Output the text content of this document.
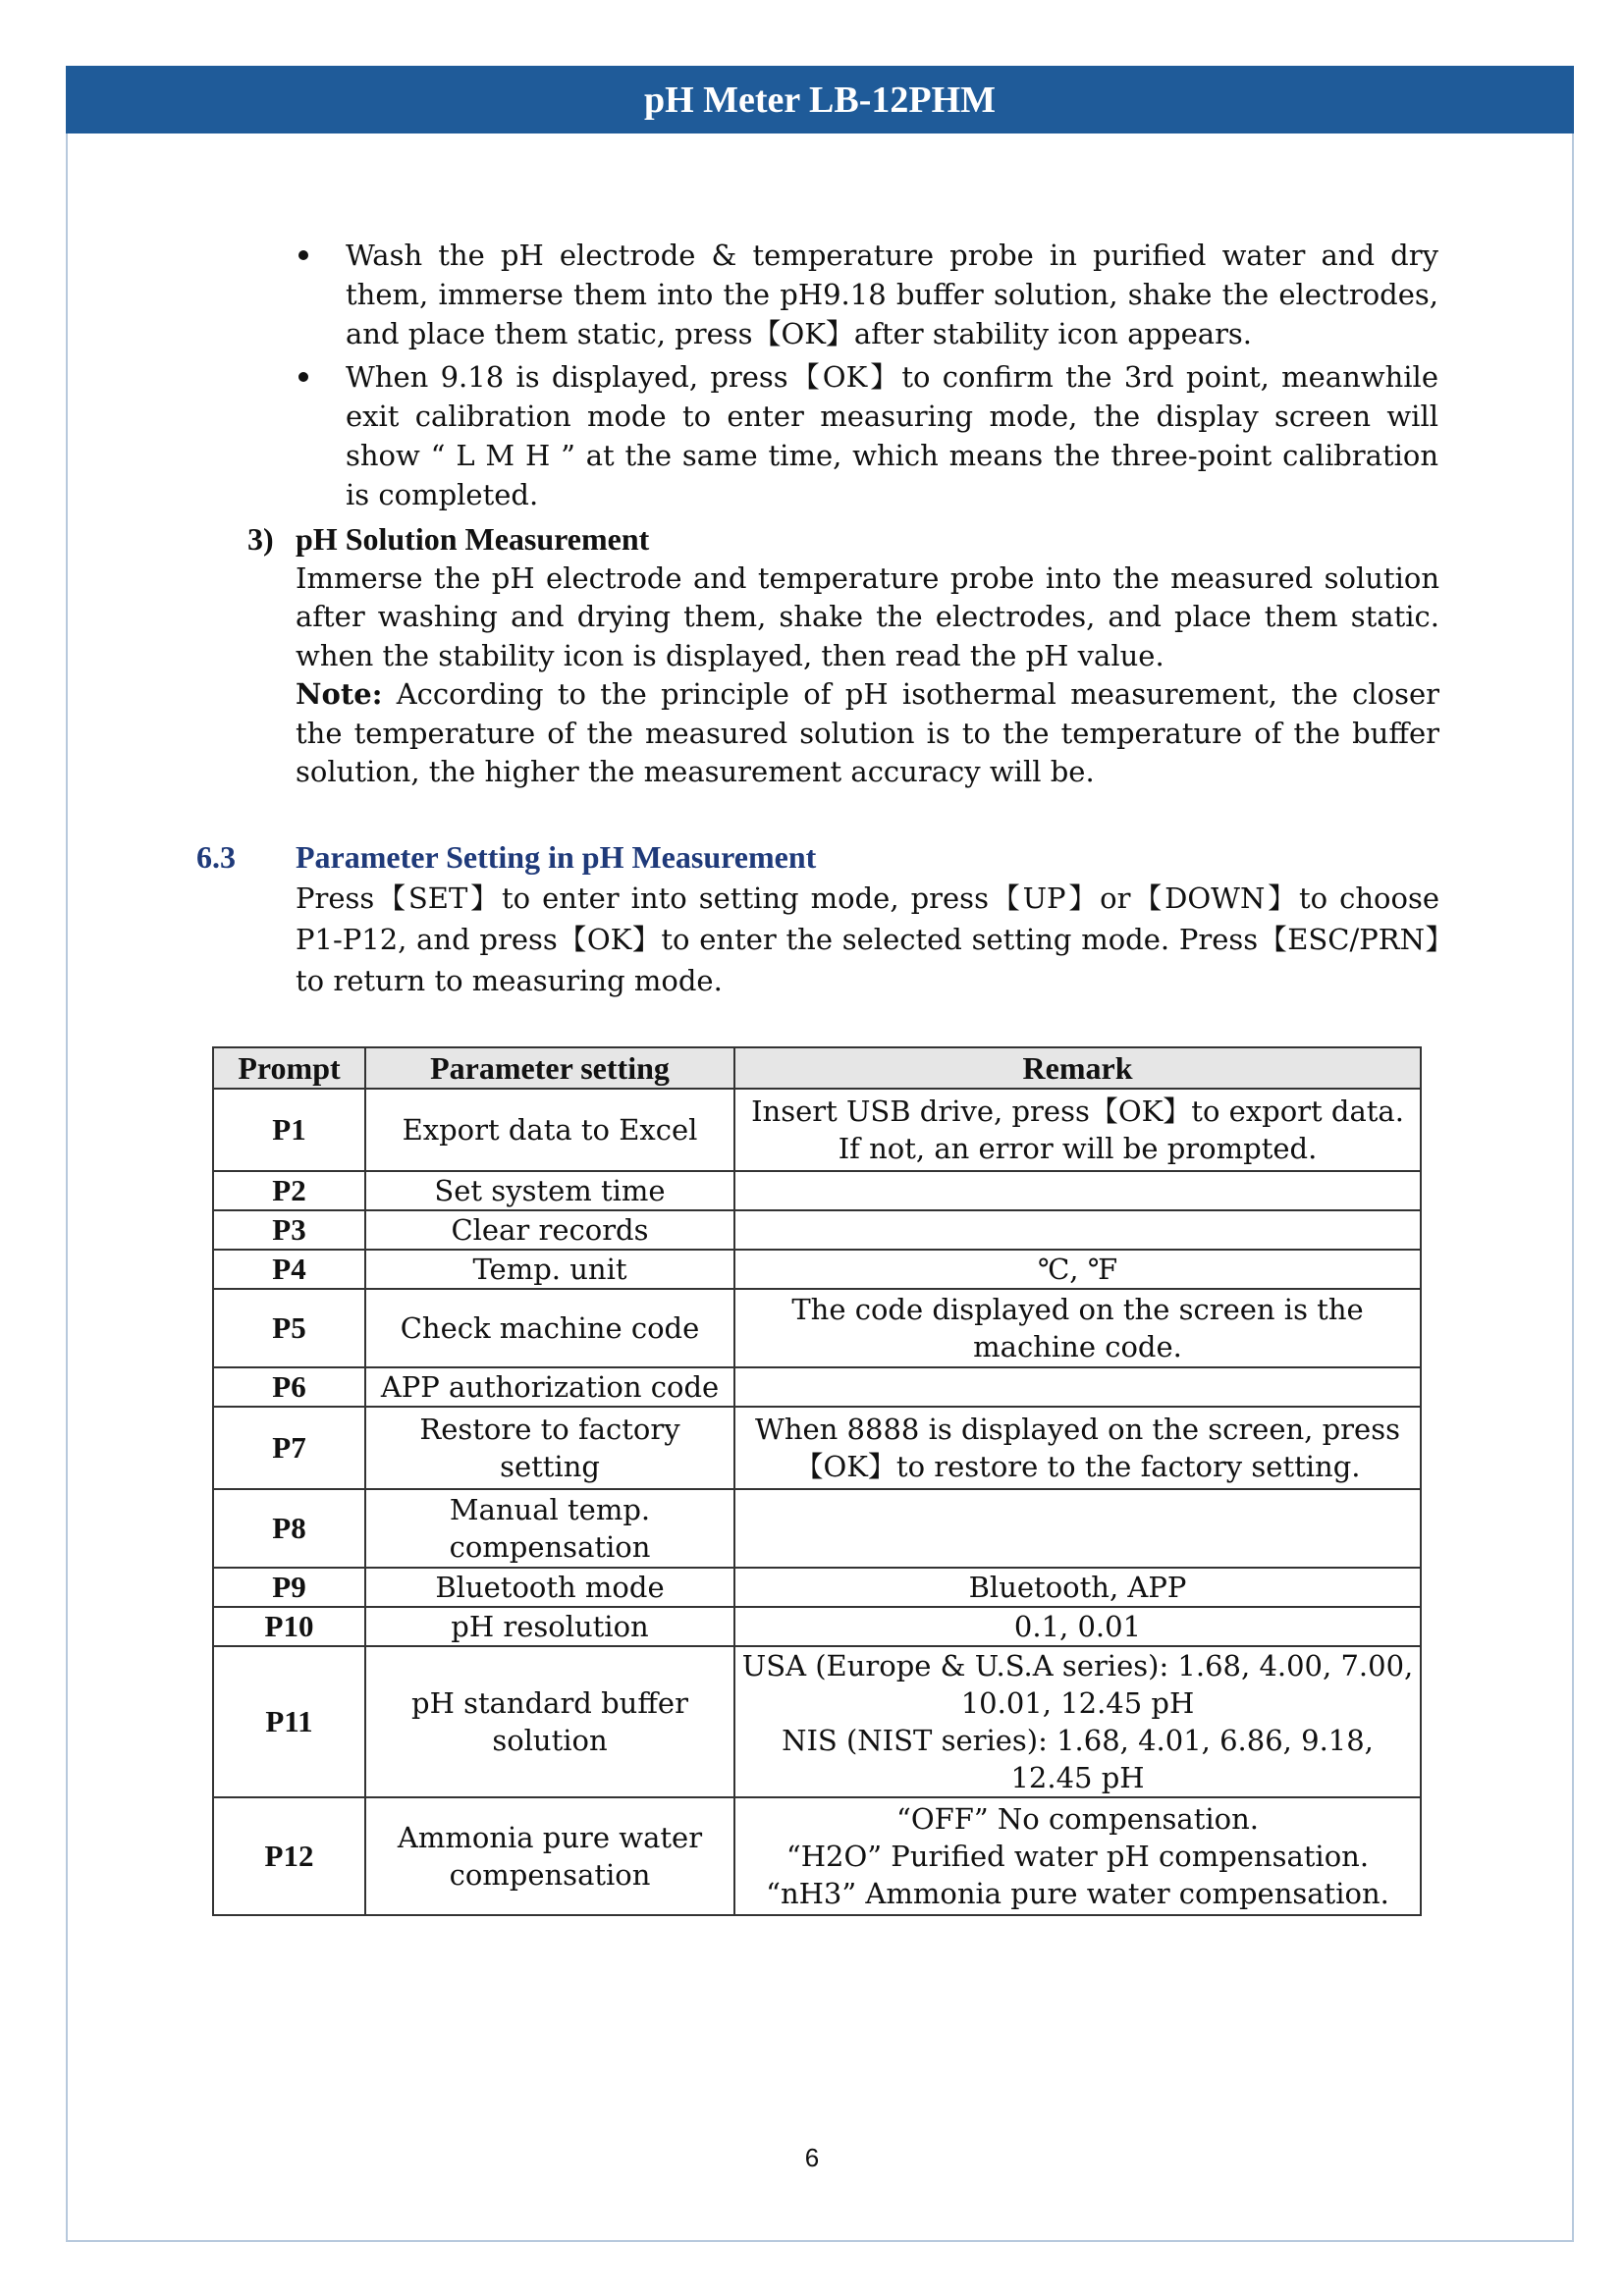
pH Meter LB-12PHM
Wash the pH electrode & temperature probe in purified water and dry them, immerse them into the pH9.18 buffer solution, shake the electrodes, and place them static, press【OK】after stability icon appears.
When 9.18 is displayed, press【OK】to confirm the 3rd point, meanwhile exit calibration mode to enter measuring mode, the display screen will show “ L M H ” at the same time, which means the three-point calibration is completed.
3) pH Solution Measurement
Immerse the pH electrode and temperature probe into the measured solution after washing and drying them, shake the electrodes, and place them static. when the stability icon is displayed, then read the pH value.
Note: According to the principle of pH isothermal measurement, the closer the temperature of the measured solution is to the temperature of the buffer solution, the higher the measurement accuracy will be.
6.3 Parameter Setting in pH Measurement
Press【SET】to enter into setting mode, press【UP】or【DOWN】to choose P1-P12, and press【OK】to enter the selected setting mode. Press【ESC/PRN】to return to measuring mode.
Prompt	Parameter setting	Remark
P1	Export data to Excel	Insert USB drive, press【OK】to export data. If not, an error will be prompted.
P2	Set system time	
P3	Clear records	
P4	Temp. unit	℃, ℉
P5	Check machine code	The code displayed on the screen is the machine code.
P6	APP authorization code	
P7	Restore to factory setting	When 8888 is displayed on the screen, press【OK】to restore to the factory setting.
P8	Manual temp. compensation	
P9	Bluetooth mode	Bluetooth, APP
P10	pH resolution	0.1, 0.01
P11	pH standard buffer solution	USA (Europe & U.S.A series): 1.68, 4.00, 7.00, 10.01, 12.45 pH
NIS (NIST series): 1.68, 4.01, 6.86, 9.18, 12.45 pH

P12	Ammonia pure water compensation	“OFF” No compensation.
“H2O” Purified water pH compensation.
“nH3” Ammonia pure water compensation.
6
